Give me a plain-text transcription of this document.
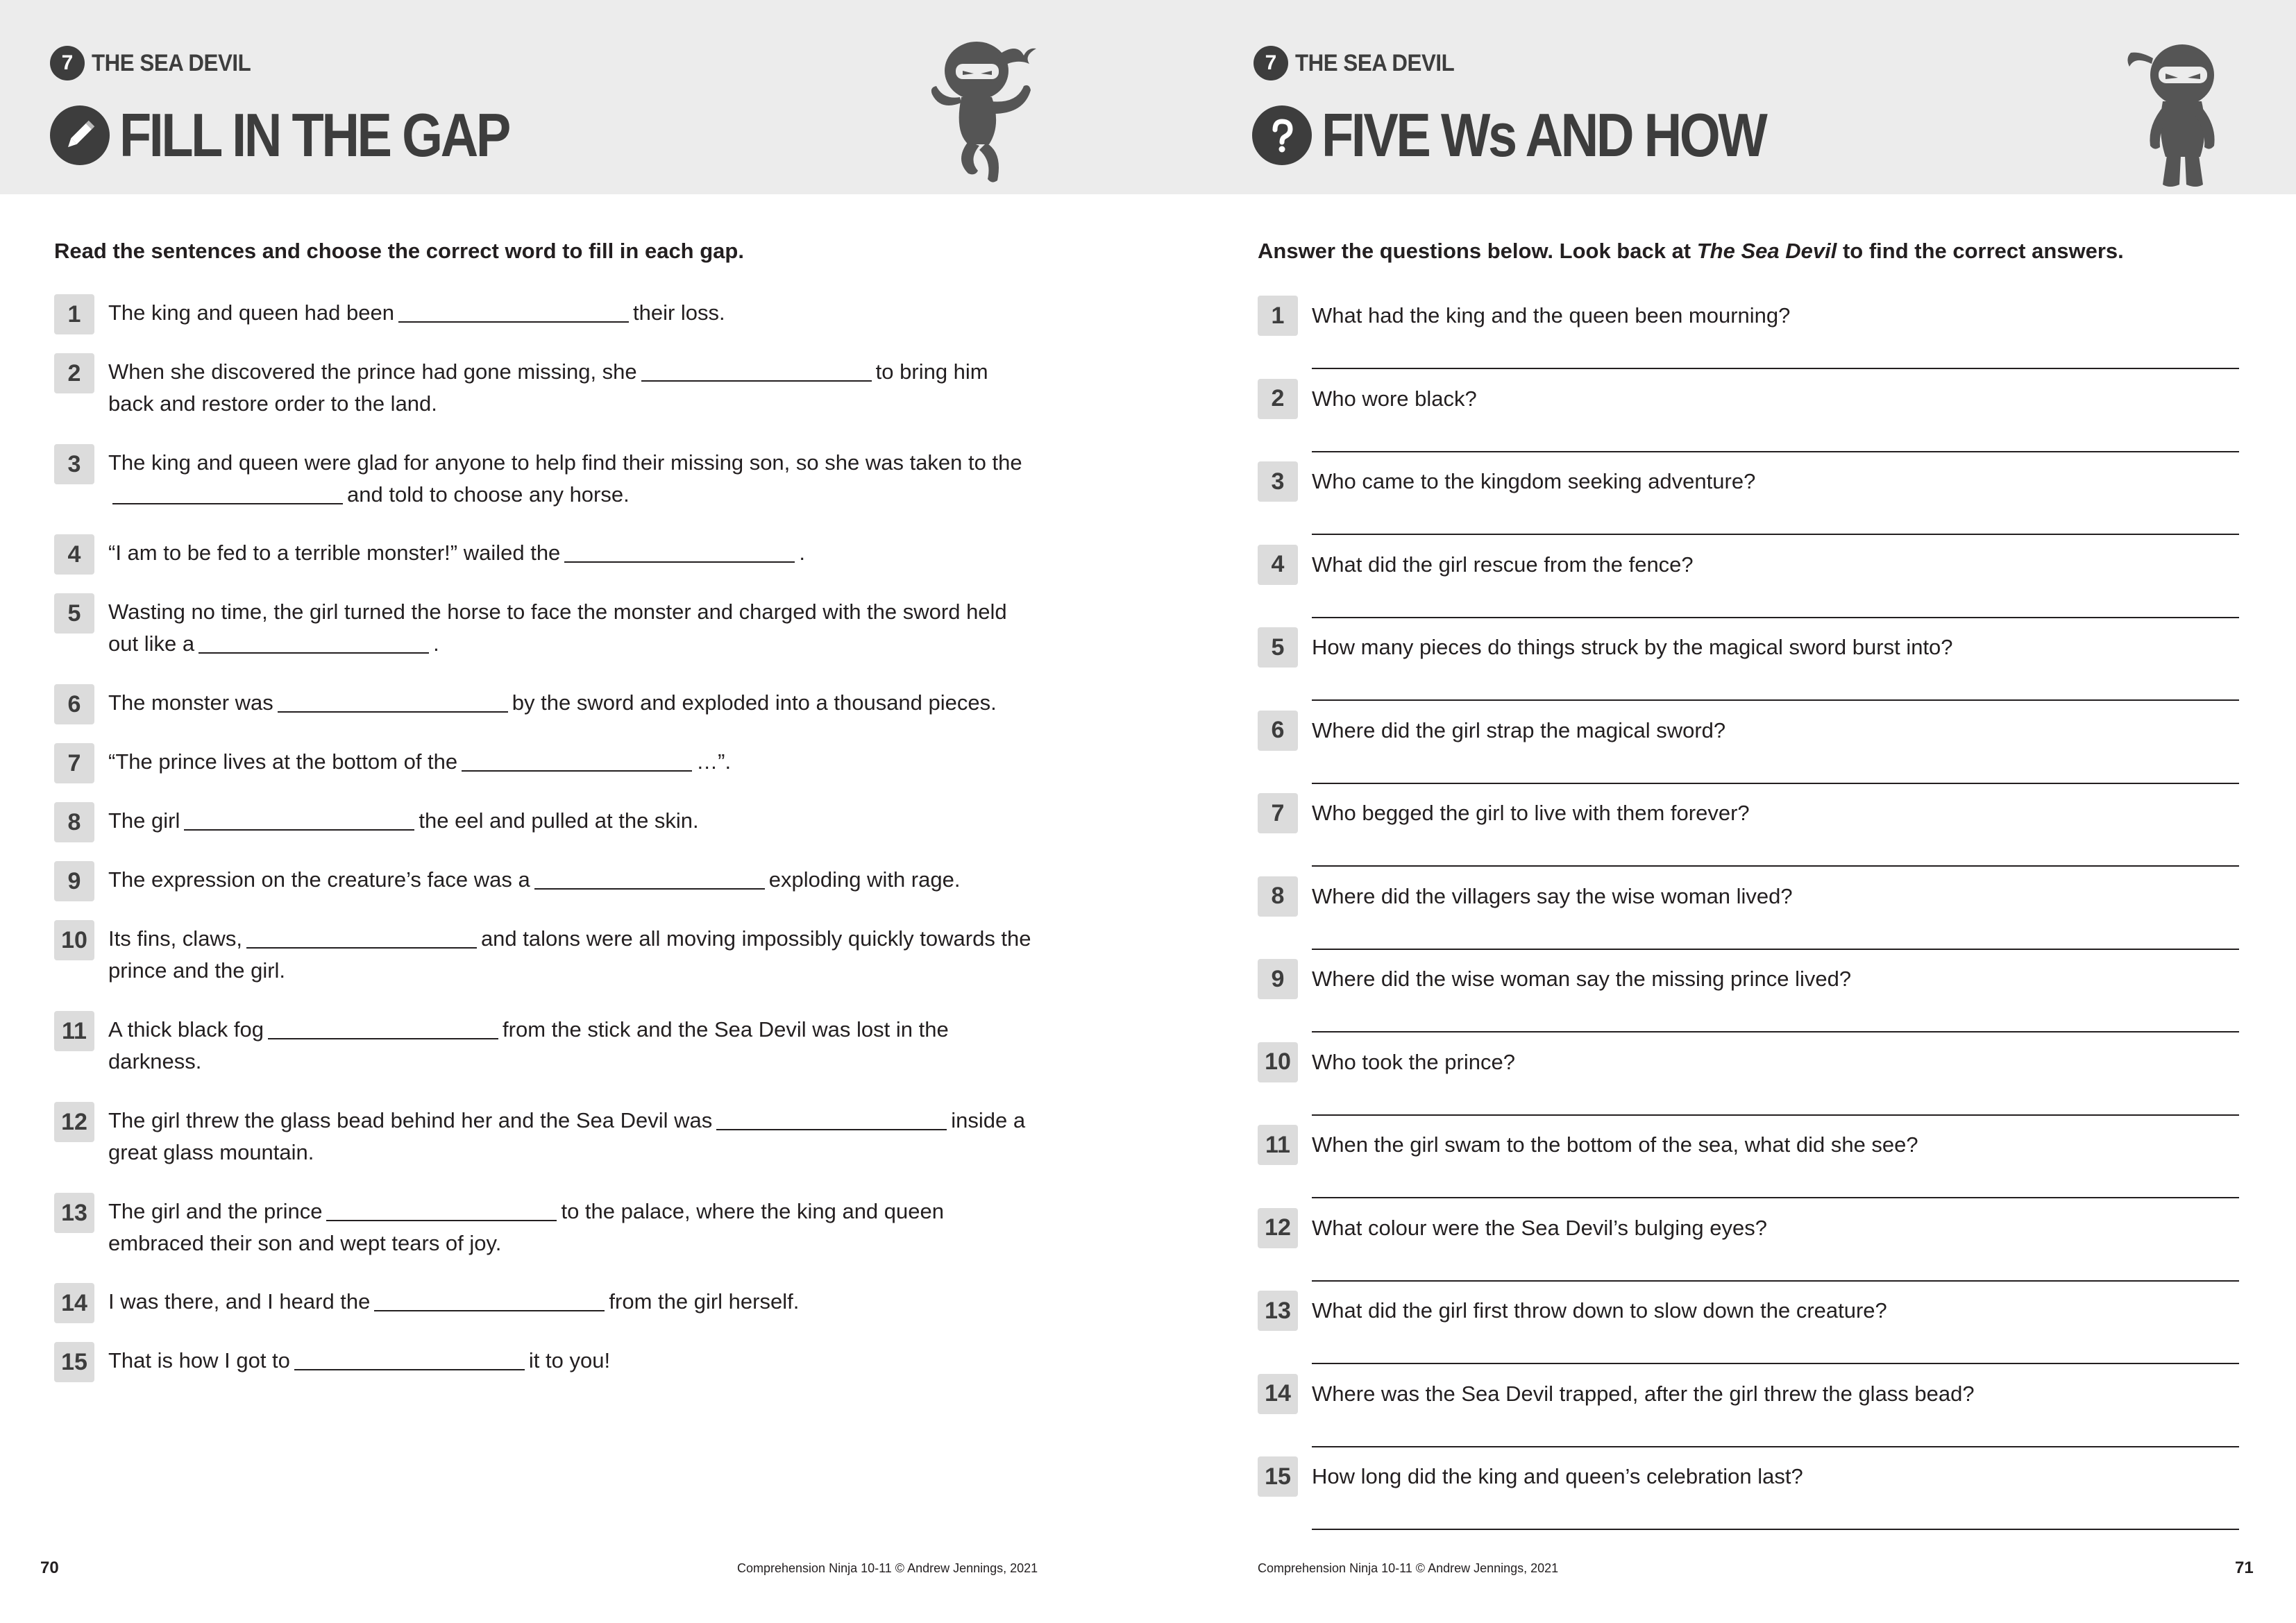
7 THE SEA DEVIL
FILL IN THE GAP
Read the sentences and choose the correct word to fill in each gap.
1	The king and queen had been	their loss.
2	When she discovered the prince had gone missing, she	to bring him back and restore order to the land.
3	The king and queen were glad for anyone to help find their missing son, so she was taken to theand told to choose any horse.
4	“I am to be fed to a terrible monster!” wailed the	.
5	Wasting no time, the girl turned the horse to face the monster and charged with the sword held out like a	.
6	The monster was	by the sword and exploded into a thousand pieces.
7	“The prince lives at the bottom of the	…”.
8	The girl	the eel and pulled at the skin.
9	The expression on the creature’s face was a	exploding with rage.
10 Its fins, claws,	and talons were all moving impossibly quickly towards the prince and the girl.
11	A thick black fog	from the stick and the Sea Devil was lost in the darkness.
12 The girl threw the glass bead behind her and the Sea Devil was	inside a great glass mountain.
13 The girl and the prince	to the palace, where the king and queen embraced their son and wept tears of joy.
14 I was there, and I heard the	from the girl herself.
15 That is how I got to	it to you!
70	Comprehension Ninja 10-11 © Andrew Jennings, 2021
7 THE SEA DEVIL
FIVE Ws AND HOW
Answer the questions below. Look back at The Sea Devil to find the correct answers.
1	What had the king and the queen been mourning?
2	Who wore black?
3	Who came to the kingdom seeking adventure?
4	What did the girl rescue from the fence?
5	How many pieces do things struck by the magical sword burst into?
6	Where did the girl strap the magical sword?
7	Who begged the girl to live with them forever?
8	Where did the villagers say the wise woman lived?
9	Where did the wise woman say the missing prince lived?
10 Who took the prince?
11	When the girl swam to the bottom of the sea, what did she see?
12 What colour were the Sea Devil’s bulging eyes?
13 What did the girl first throw down to slow down the creature?
14 Where was the Sea Devil trapped, after the girl threw the glass bead?
15 How long did the king and queen’s celebration last?
Comprehension Ninja 10-11 © Andrew Jennings, 2021	71
